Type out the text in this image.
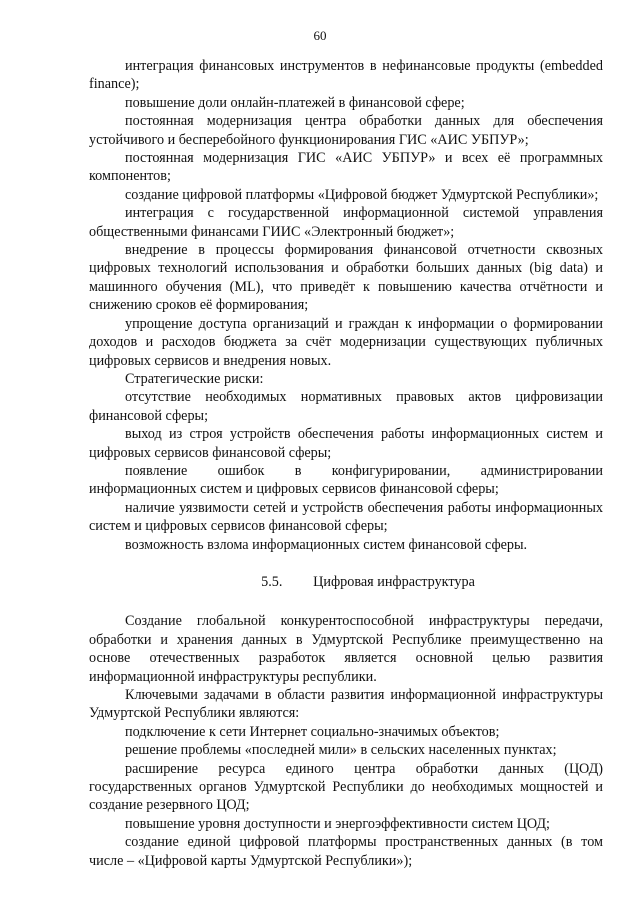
60

интеграция финансовых инструментов в нефинансовые продукты (embedded finance);

повышение доли онлайн-платежей в финансовой сфере;

постоянная модернизация центра обработки данных для обеспечения устойчивого и бесперебойного функционирования ГИС «АИС УБПУР»;

постоянная модернизация ГИС «АИС УБПУР» и всех её программных компонентов;

создание цифровой платформы «Цифровой бюджет Удмуртской Республики»;

интеграция с государственной информационной системой управления общественными финансами ГИИС «Электронный бюджет»;

внедрение в процессы формирования финансовой отчетности сквозных цифровых технологий использования и обработки больших данных (big data) и машинного обучения (ML), что приведёт к повышению качества отчётности и снижению сроков её формирования;

упрощение доступа организаций и граждан к информации о формировании доходов и расходов бюджета за счёт модернизации существующих публичных цифровых сервисов и внедрения новых.

Стратегические риски:

отсутствие необходимых нормативных правовых актов цифровизации финансовой сферы;

выход из строя устройств обеспечения работы информационных систем и цифровых сервисов финансовой сферы;

появление ошибок в конфигурировании, администрировании информационных систем и цифровых сервисов финансовой сферы;

наличие уязвимости сетей и устройств обеспечения работы информационных систем и цифровых сервисов финансовой сферы;

возможность взлома информационных систем финансовой сферы.

5.5. Цифровая инфраструктура

Создание глобальной конкурентоспособной инфраструктуры передачи, обработки и хранения данных в Удмуртской Республике преимущественно на основе отечественных разработок является основной целью развития информационной инфраструктуры республики.

Ключевыми задачами в области развития информационной инфраструктуры Удмуртской Республики являются:

подключение к сети Интернет социально-значимых объектов;

решение проблемы «последней мили» в сельских населенных пунктах;

расширение ресурса единого центра обработки данных (ЦОД) государственных органов Удмуртской Республики до необходимых мощностей и создание резервного ЦОД;

повышение уровня доступности и энергоэффективности систем ЦОД;

создание единой цифровой платформы пространственных данных (в том числе – «Цифровой карты Удмуртской Республики»);
